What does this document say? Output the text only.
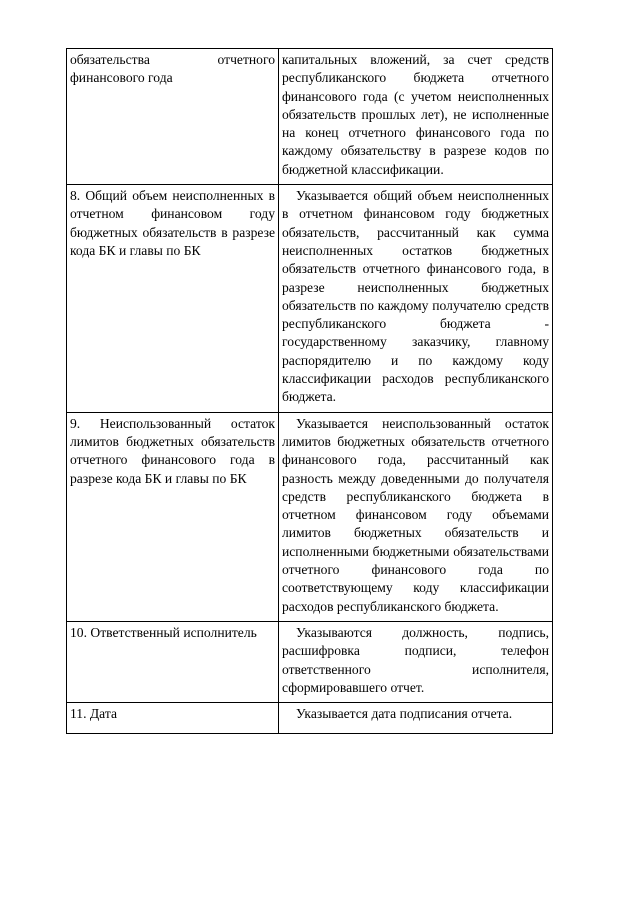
обязательства отчетного финансового года	капитальных вложений, за счет средств республиканского бюджета отчетного финансового года (с учетом неисполненных обязательств прошлых лет), не исполненные на конец отчетного финансового года по каждому обязательству в разрезе кодов по бюджетной классификации.
8. Общий объем неисполненных в отчетном финансовом году бюджетных обязательств в разрезе кода БК и главы по БК	Указывается общий объем неисполненных в отчетном финансовом году бюджетных обязательств, рассчитанный как сумма неисполненных остатков бюджетных обязательств отчетного финансового года, в разрезе неисполненных бюджетных обязательств по каждому получателю средств республиканского бюджета - государственному заказчику, главному распорядителю и по каждому коду классификации расходов республиканского бюджета.
9. Неиспользованный остаток лимитов бюджетных обязательств отчетного финансового года в разрезе кода БК и главы по БК	Указывается неиспользованный остаток лимитов бюджетных обязательств отчетного финансового года, рассчитанный как разность между доведенными до получателя средств республиканского бюджета в отчетном финансовом году объемами лимитов бюджетных обязательств и исполненными бюджетными обязательствами отчетного финансового года по соответствующему коду классификации расходов республиканского бюджета.
10. Ответственный исполнитель	Указываются должность, подпись, расшифровка подписи, телефон ответственного исполнителя, сформировавшего отчет.
11. Дата	Указывается дата подписания отчета.
